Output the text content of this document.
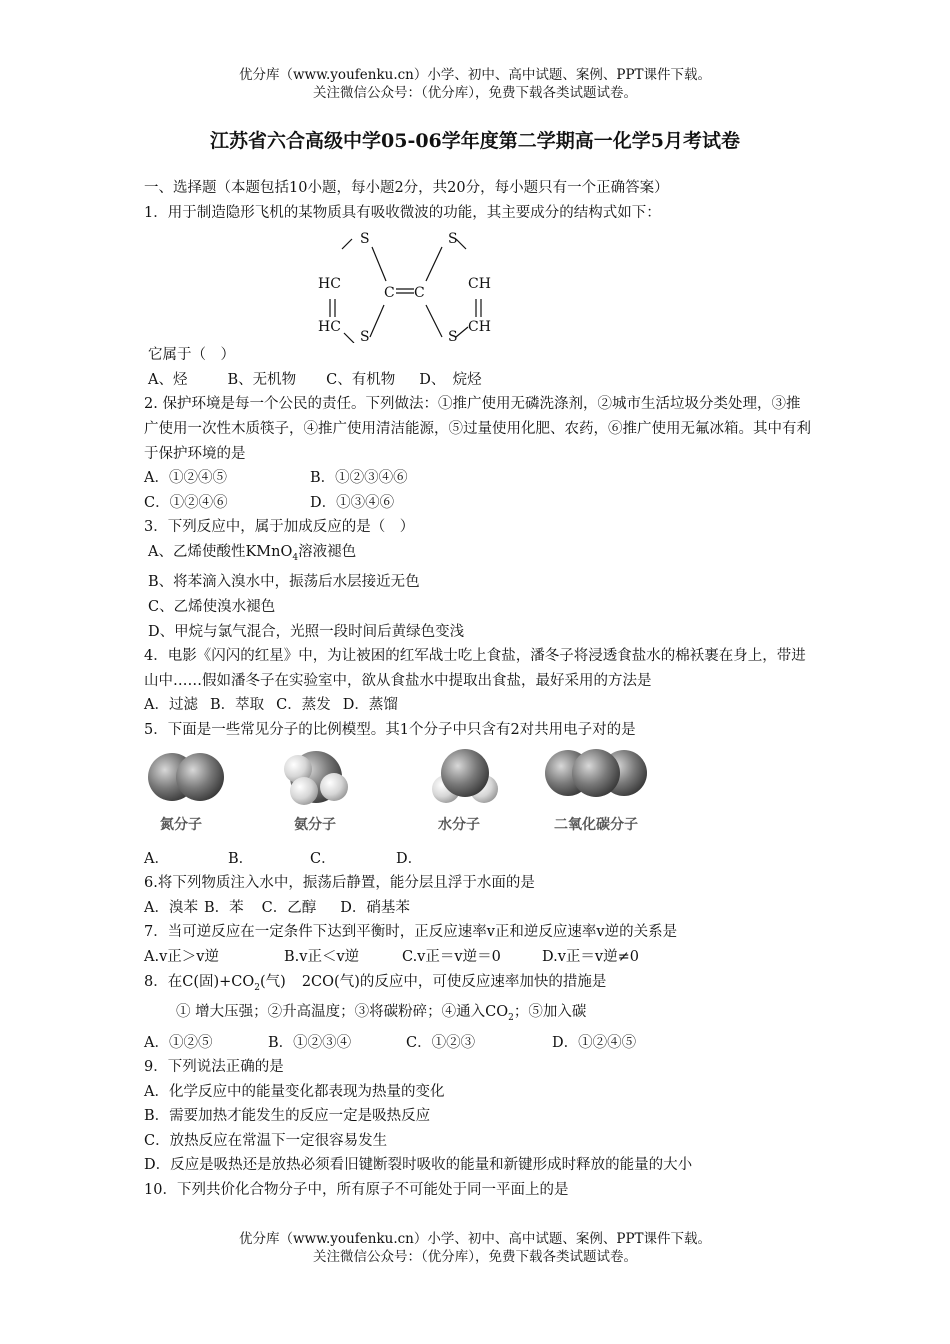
优分库（www.youfenku.cn）小学、初中、高中试题、案例、PPT课件下载。
关注微信公众号：（优分库），免费下载各类试题试卷。
江苏省六合高级中学05-06学年度第二学期高一化学5月考试卷

一、选择题（本题包括10小题，每小题2分，共20分，每小题只有一个正确答案）

1．用于制造隐形飞机的某物质具有吸收微波的功能，其主要成分的结构式如下：

S	S
HC	CH
C C
HC	CH
S	S

它属于（　）

A、烃	B、无机物 C、有机物 D、　烷烃

2. 保护环境是每一个公民的责任。下列做法：①推广使用无磷洗涤剂，②城市生活垃圾分类处理，③推广使用一次性木质筷子，④推广使用清洁能源，⑤过量使用化肥、农药，⑥推广使用无氟冰箱。其中有利于保护环境的是

A．①②④⑤	B．①②③④⑥

C．①②④⑥	D．①③④⑥

3．下列反应中，属于加成反应的是（　）

A、乙烯使酸性KMnO$_4$溶液褪色

B、将苯滴入溴水中，振荡后水层接近无色

C、乙烯使溴水褪色

D、甲烷与氯气混合，光照一段时间后黄绿色变浅

4．电影《闪闪的红星》中，为让被困的红军战士吃上食盐，潘冬子将浸透食盐水的棉袄裹在身上，带进山中……假如潘冬子在实验室中，欲从食盐水中提取出食盐，最好采用的方法是

A．过滤 B．萃取 C．蒸发 D．蒸馏

5．下面是一些常见分子的比例模型。其1个分子中只含有2对共用电子对的是

氮分子	氨分子	水分子	二氧化碳分子

A．	B．	C．	D．

6.将下列物质注入水中，振荡后静置，能分层且浮于水面的是

A．溴苯 B．苯 C．乙醇 D．硝基苯

7．当可逆反应在一定条件下达到平衡时，正反应速率v正和逆反应速率v逆的关系是

A.v正＞v逆	B.v正＜v逆	C.v正＝v逆＝0	D.v正＝v逆≠0

8．在C(固)$+CO_2$(气) 2CO(气)的反应中，可使反应速率加快的措施是

① 增大压强；②升高温度；③将碳粉碎；④通入$CO_2$；⑤加入碳

A．①②⑤	B．①②③④	C．①②③	D．①②④⑤

9．下列说法正确的是

A．化学反应中的能量变化都表现为热量的变化

B．需要加热才能发生的反应一定是吸热反应

C．放热反应在常温下一定很容易发生

D．反应是吸热还是放热必须看旧键断裂时吸收的能量和新键形成时释放的能量的大小

10．下列共价化合物分子中，所有原子不可能处于同一平面上的是

优分库（www.youfenku.cn）小学、初中、高中试题、案例、PPT课件下载。
关注微信公众号：（优分库），免费下载各类试题试卷。
